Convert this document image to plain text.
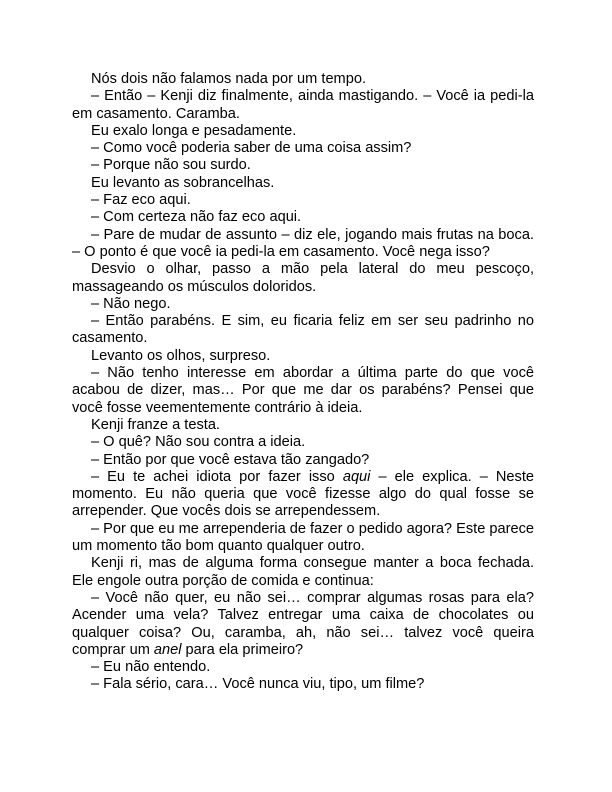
Nós dois não falamos nada por um tempo.

– Então – Kenji diz finalmente, ainda mastigando. – Você ia pedi-la em casamento. Caramba.

Eu exalo longa e pesadamente.

– Como você poderia saber de uma coisa assim?

– Porque não sou surdo.

Eu levanto as sobrancelhas.

– Faz eco aqui.

– Com certeza não faz eco aqui.

– Pare de mudar de assunto – diz ele, jogando mais frutas na boca. – O ponto é que você ia pedi-la em casamento. Você nega isso?

Desvio o olhar, passo a mão pela lateral do meu pescoço, massageando os músculos doloridos.

– Não nego.

– Então parabéns. E sim, eu ficaria feliz em ser seu padrinho no casamento.

Levanto os olhos, surpreso.

– Não tenho interesse em abordar a última parte do que você acabou de dizer, mas… Por que me dar os parabéns? Pensei que você fosse veementemente contrário à ideia.

Kenji franze a testa.

– O quê? Não sou contra a ideia.

– Então por que você estava tão zangado?

– Eu te achei idiota por fazer isso aqui – ele explica. – Neste momento. Eu não queria que você fizesse algo do qual fosse se arrepender. Que vocês dois se arrependessem.

– Por que eu me arrependeria de fazer o pedido agora? Este parece um momento tão bom quanto qualquer outro.

Kenji ri, mas de alguma forma consegue manter a boca fechada. Ele engole outra porção de comida e continua:

– Você não quer, eu não sei… comprar algumas rosas para ela? Acender uma vela? Talvez entregar uma caixa de chocolates ou qualquer coisa? Ou, caramba, ah, não sei… talvez você queira comprar um anel para ela primeiro?

– Eu não entendo.

– Fala sério, cara… Você nunca viu, tipo, um filme?
